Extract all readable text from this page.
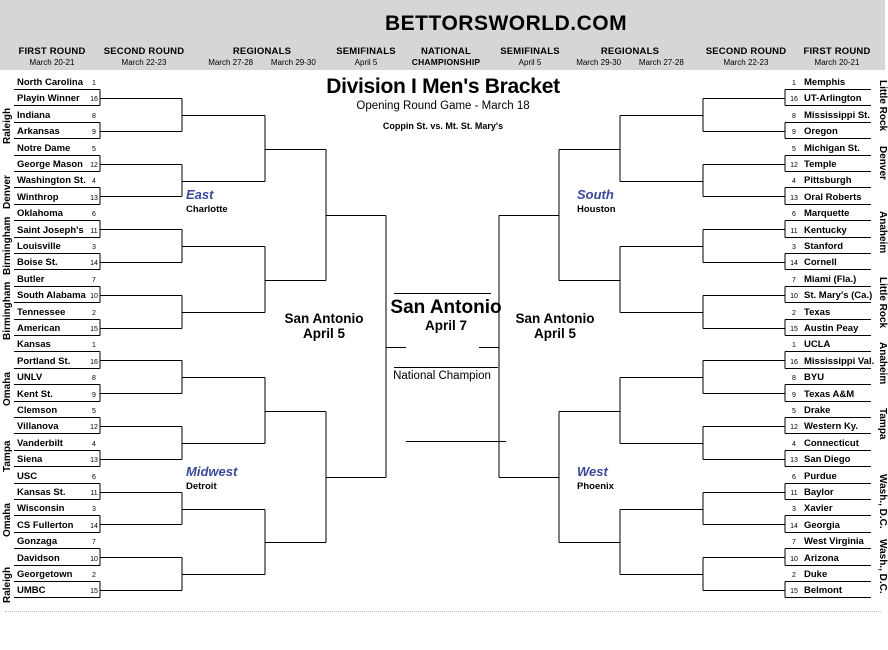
BETTORSWORLD.COM
FIRST ROUND
March 20-21
SECOND ROUND
March 22-23
REGIONALS
March 27-28        March 29-30
SEMIFINALS
April 5
NATIONAL
CHAMPIONSHIP
SEMIFINALS
April 5
REGIONALS
March 29-30        March 27-28
SECOND ROUND
March 22-23
FIRST ROUND
March 20-21
Division I Men's Bracket
Opening Round Game - March 18
Coppin St. vs. Mt. St. Mary's
North Carolina
Playin Winner
Indiana
Arkansas
Notre Dame
George Mason
Washington St.
Winthrop
Oklahoma
Saint Joseph's
Louisville
Boise St.
Butler
South Alabama
Tennessee
American
Kansas
Portland St.
UNLV
Kent St.
Clemson
Villanova
Vanderbilt
Siena
USC
Kansas St.
Wisconsin
CS Fullerton
Gonzaga
Davidson
Georgetown
UMBC
Memphis
UT-Arlington
Mississippi St.
Oregon
Michigan St.
Temple
Pittsburgh
Oral Roberts
Marquette
Kentucky
Stanford
Cornell
Miami (Fla.)
St. Mary's (Ca.)
Texas
Austin Peay
UCLA
Mississippi Val.
BYU
Texas A&M
Drake
Western Ky.
Connecticut
San Diego
Purdue
Baylor
Xavier
Georgia
West Virginia
Arizona
Duke
Belmont
1
16
8
9
5
12
4
13
6
11
3
14
7
10
2
15
1
16
8
9
5
12
4
13
6
11
3
14
7
10
2
15
1
16
8
9
5
12
4
13
6
11
3
14
7
10
2
15
1
16
8
9
5
12
4
13
6
11
3
14
7
10
2
15
Raleigh
Denver
Birmingham
Birmingham
Omaha
Tampa
Omaha
Raleigh
Little Rock
Denver
Anaheim
Little Rock
Anaheim
Tampa
Wash., D.C.
Wash., D.C.
East
Charlotte
Midwest
Detroit
South
Houston
West
Phoenix
San Antonio
April 5
San Antonio
April 5
San Antonio
April 7
National Champion
